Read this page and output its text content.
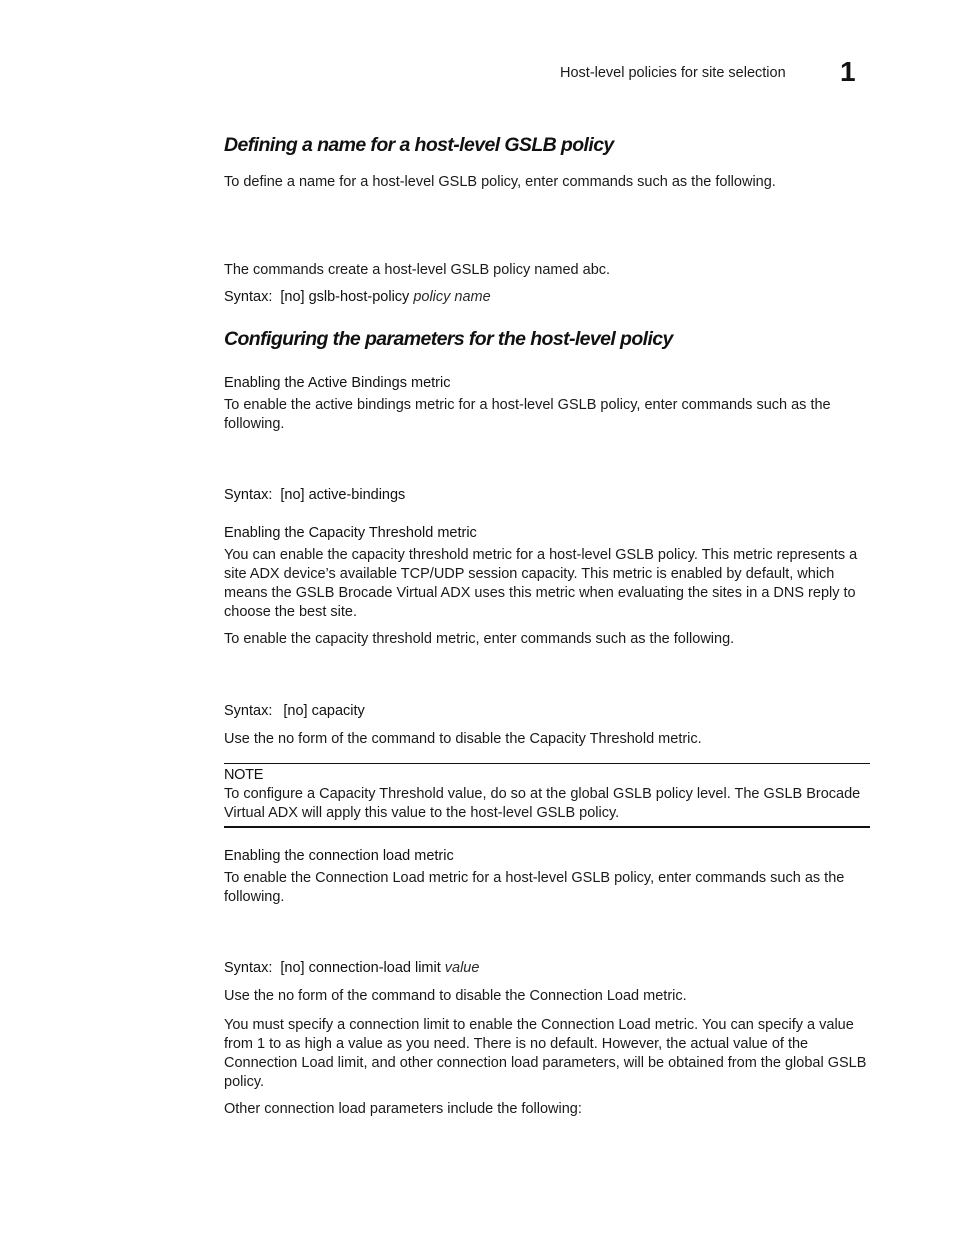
Host-level policies for site selection 1
Defining a name for a host-level GSLB policy
To define a name for a host-level GSLB policy, enter commands such as the following.
The commands create a host-level GSLB policy named abc.
Syntax: [no] gslb-host-policy policy name
Configuring the parameters for the host-level policy
Enabling the Active Bindings metric
To enable the active bindings metric for a host-level GSLB policy, enter commands such as the following.
Syntax: [no] active-bindings
Enabling the Capacity Threshold metric
You can enable the capacity threshold metric for a host-level GSLB policy. This metric represents a site ADX device’s available TCP/UDP session capacity. This metric is enabled by default, which means the GSLB Brocade Virtual ADX uses this metric when evaluating the sites in a DNS reply to choose the best site.
To enable the capacity threshold metric, enter commands such as the following.
Syntax: [no] capacity
Use the no form of the command to disable the Capacity Threshold metric.
NOTE
To configure a Capacity Threshold value, do so at the global GSLB policy level. The GSLB Brocade Virtual ADX will apply this value to the host-level GSLB policy.
Enabling the connection load metric
To enable the Connection Load metric for a host-level GSLB policy, enter commands such as the following.
Syntax: [no] connection-load limit value
Use the no form of the command to disable the Connection Load metric.
You must specify a connection limit to enable the Connection Load metric. You can specify a value from 1 to as high a value as you need. There is no default. However, the actual value of the Connection Load limit, and other connection load parameters, will be obtained from the global GSLB policy.
Other connection load parameters include the following:
